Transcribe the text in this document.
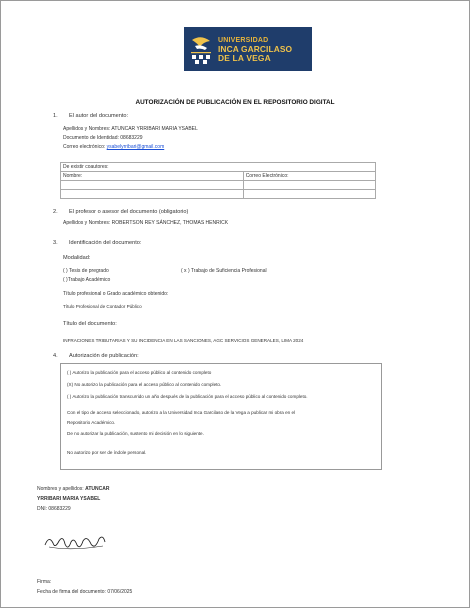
UNIVERSIDAD
INCA GARCILASO
DE LA VEGA
AUTORIZACIÓN DE PUBLICACIÓN EN EL REPOSITORIO DIGITAL
1. El autor del documento:
Apellidos y Nombres: ATUNCAR YRRIBARI MARIA YSABEL
Documento de Identidad: 08683229
Correo electrónico: ysabelyrribari@gmail.com
De existir coautores:	
Nombre:	Correo Electrónico:

2. El profesor o asesor del documento (obligatorio)
Apellidos y Nombres: ROBERTSON REY SÁNCHEZ, THOMAS HENRICK
3. Identificación del documento:
Modalidad:
( ) Tesis de pregrado	( x ) Trabajo de Suficiencia Profesional
( )Trabajo Académico
Título profesional o Grado académico obtenido:
Título Profesional de Contador Público
Título del documento:
INFRACIONES TRIBUTARIAS Y SU INCIDENCIA EN LAS SANCIONES, AGC SERVICIOS GENERALES, LIMA 2024
4. Autorización de publicación:
( ) Autorizo la publicación para el acceso público al contenido completo
(X) No autorizo la publicación para el acceso público al contenido completo.
( ) Autorizo la publicación transcurrido un año después de la publicación para el acceso público al contenido completo.
Con el tipo de acceso seleccionado, autorizo a la Universidad Inca Garcilaso de la Vega a publicar mi obra en el
Repositorio Académico.
De no autorizar la publicación, sustento mi decisión en lo siguiente.
No autorizo por ser de índole personal.
Nombres y apellidos: ATUNCAR
YRRIBARI MARIA YSABEL
DNI: 08683229
Firma:
Fecha de firma del documento: 07/06/2025
